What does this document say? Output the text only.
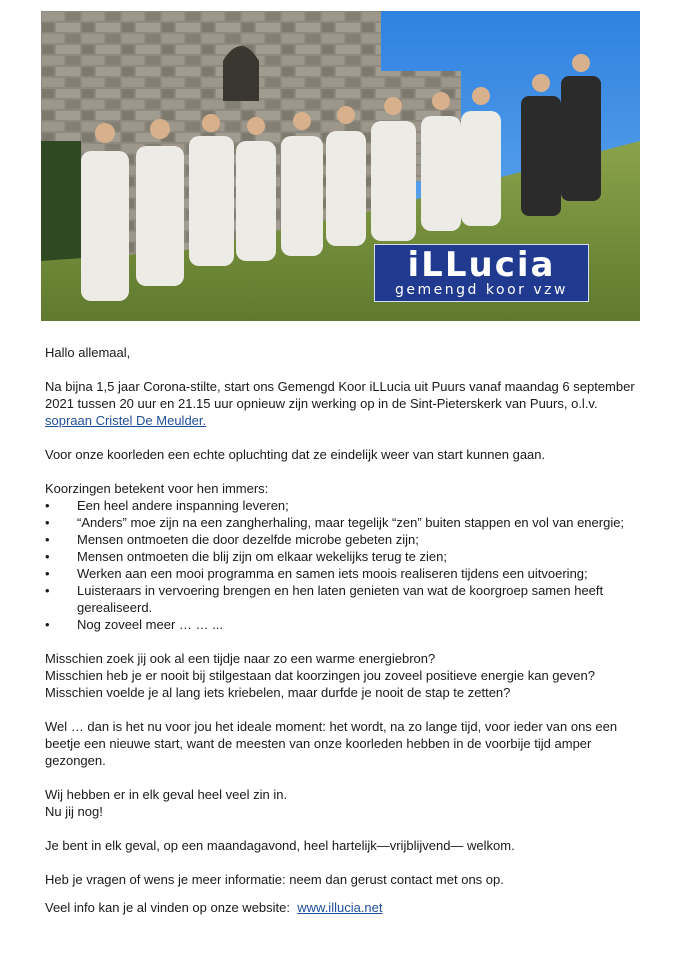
iLLucia
gemengd koor vzw

Hallo allemaal,

Na bijna 1,5 jaar Corona-stilte, start ons Gemengd Koor iLLucia uit Puurs vanaf maandag 6 september 2021 tussen 20 uur en 21.15 uur opnieuw zijn werking op in de Sint-Pieterskerk van Puurs, o.l.v. sopraan Cristel De Meulder.

Voor onze koorleden een echte opluchting dat ze eindelijk weer van start kunnen gaan.

Koorzingen betekent voor hen immers:
• Een heel andere inspanning leveren;
• “Anders” moe zijn na een zangherhaling, maar tegelijk “zen” buiten stappen en vol van energie;
• Mensen ontmoeten die door dezelfde microbe gebeten zijn;
• Mensen ontmoeten die blij zijn om elkaar wekelijks terug te zien;
• Werken aan een mooi programma en samen iets moois realiseren tijdens een uitvoering;
• Luisteraars in vervoering brengen en hen laten genieten van wat de koorgroep samen heeft gerealiseerd.
• Nog zoveel meer … … ...

Misschien zoek jij ook al een tijdje naar zo een warme energiebron?
Misschien heb je er nooit bij stilgestaan dat koorzingen jou zoveel positieve energie kan geven?
Misschien voelde je al lang iets kriebelen, maar durfde je nooit de stap te zetten?

Wel … dan is het nu voor jou het ideale moment: het wordt, na zo lange tijd, voor ieder van ons een beetje een nieuwe start, want de meesten van onze koorleden hebben in de voorbije tijd amper gezongen.

Wij hebben er in elk geval heel veel zin in.
Nu jij nog!

Je bent in elk geval, op een maandagavond, heel hartelijk—vrijblijvend— welkom.

Heb je vragen of wens je meer informatie: neem dan gerust contact met ons op.

Veel info kan je al vinden op onze website: www.illucia.net
